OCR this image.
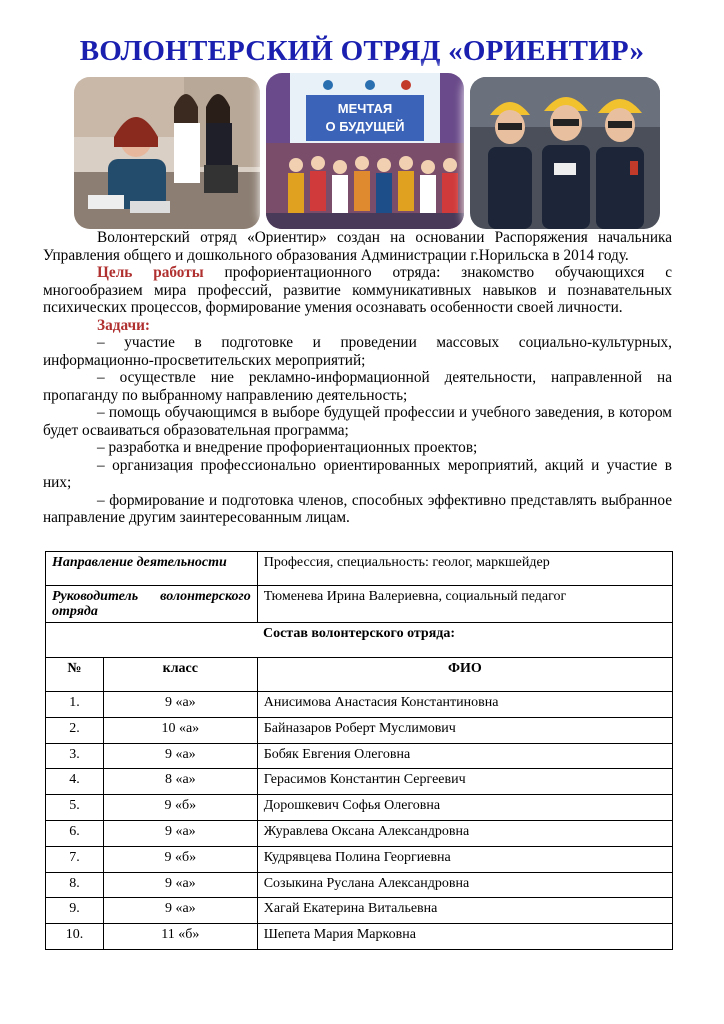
ВОЛОНТЕРСКИЙ ОТРЯД «ОРИЕНТИР»
МЕЧТАЯ
О БУДУЩЕЙ

Волонтерский отряд «Ориентир» создан на основании Распоряжения начальника Управления общего и дошкольного образования Администрации г.Норильска в 2014 году.

Цель работы профориентационного отряда: знакомство обучающихся с многообразием мира профессий, развитие коммуникативных навыков и познавательных психических процессов, формирование умения осознавать особенности своей личности.

Задачи:

– участие в подготовке и проведении массовых социально-культурных, информационно-просветительских мероприятий;

– осуществле ние рекламно-информационной деятельности, направленной на пропаганду по выбранному направлению деятельность;

– помощь обучающимся в выборе будущей профессии и учебного заведения, в котором будет осваиваться образовательная программа;

– разработка и внедрение профориентационных проектов;

– организация профессионально ориентированных мероприятий, акций и участие в них;

– формирование и подготовка членов, способных эффективно представлять выбранное направление другим заинтересованным лицам.

Направление деятельности		Профессия, специальность: геолог, маркшейдер

Руководитель волонтерского
отряда		Тюменева Ирина Валериевна, социальный педагог
Состав волонтерского отряда:		
№	класс	ФИО
1.	9 «а»	Анисимова Анастасия Константиновна
2.	10 «а»	Байназаров Роберт Муслимович
3.	9 «а»	Бобяк Евгения Олеговна
4.	8 «а»	Герасимов Константин Сергеевич
5.	9 «б»	Дорошкевич Софья Олеговна
6.	9 «а»	Журавлева Оксана Александровна
7.	9 «б»	Кудрявцева Полина Георгиевна
8.	9 «а»	Созыкина Руслана Александровна
9.	9 «а»	Хагай Екатерина Витальевна
10.	11 «б»	Шепета Мария Марковна
